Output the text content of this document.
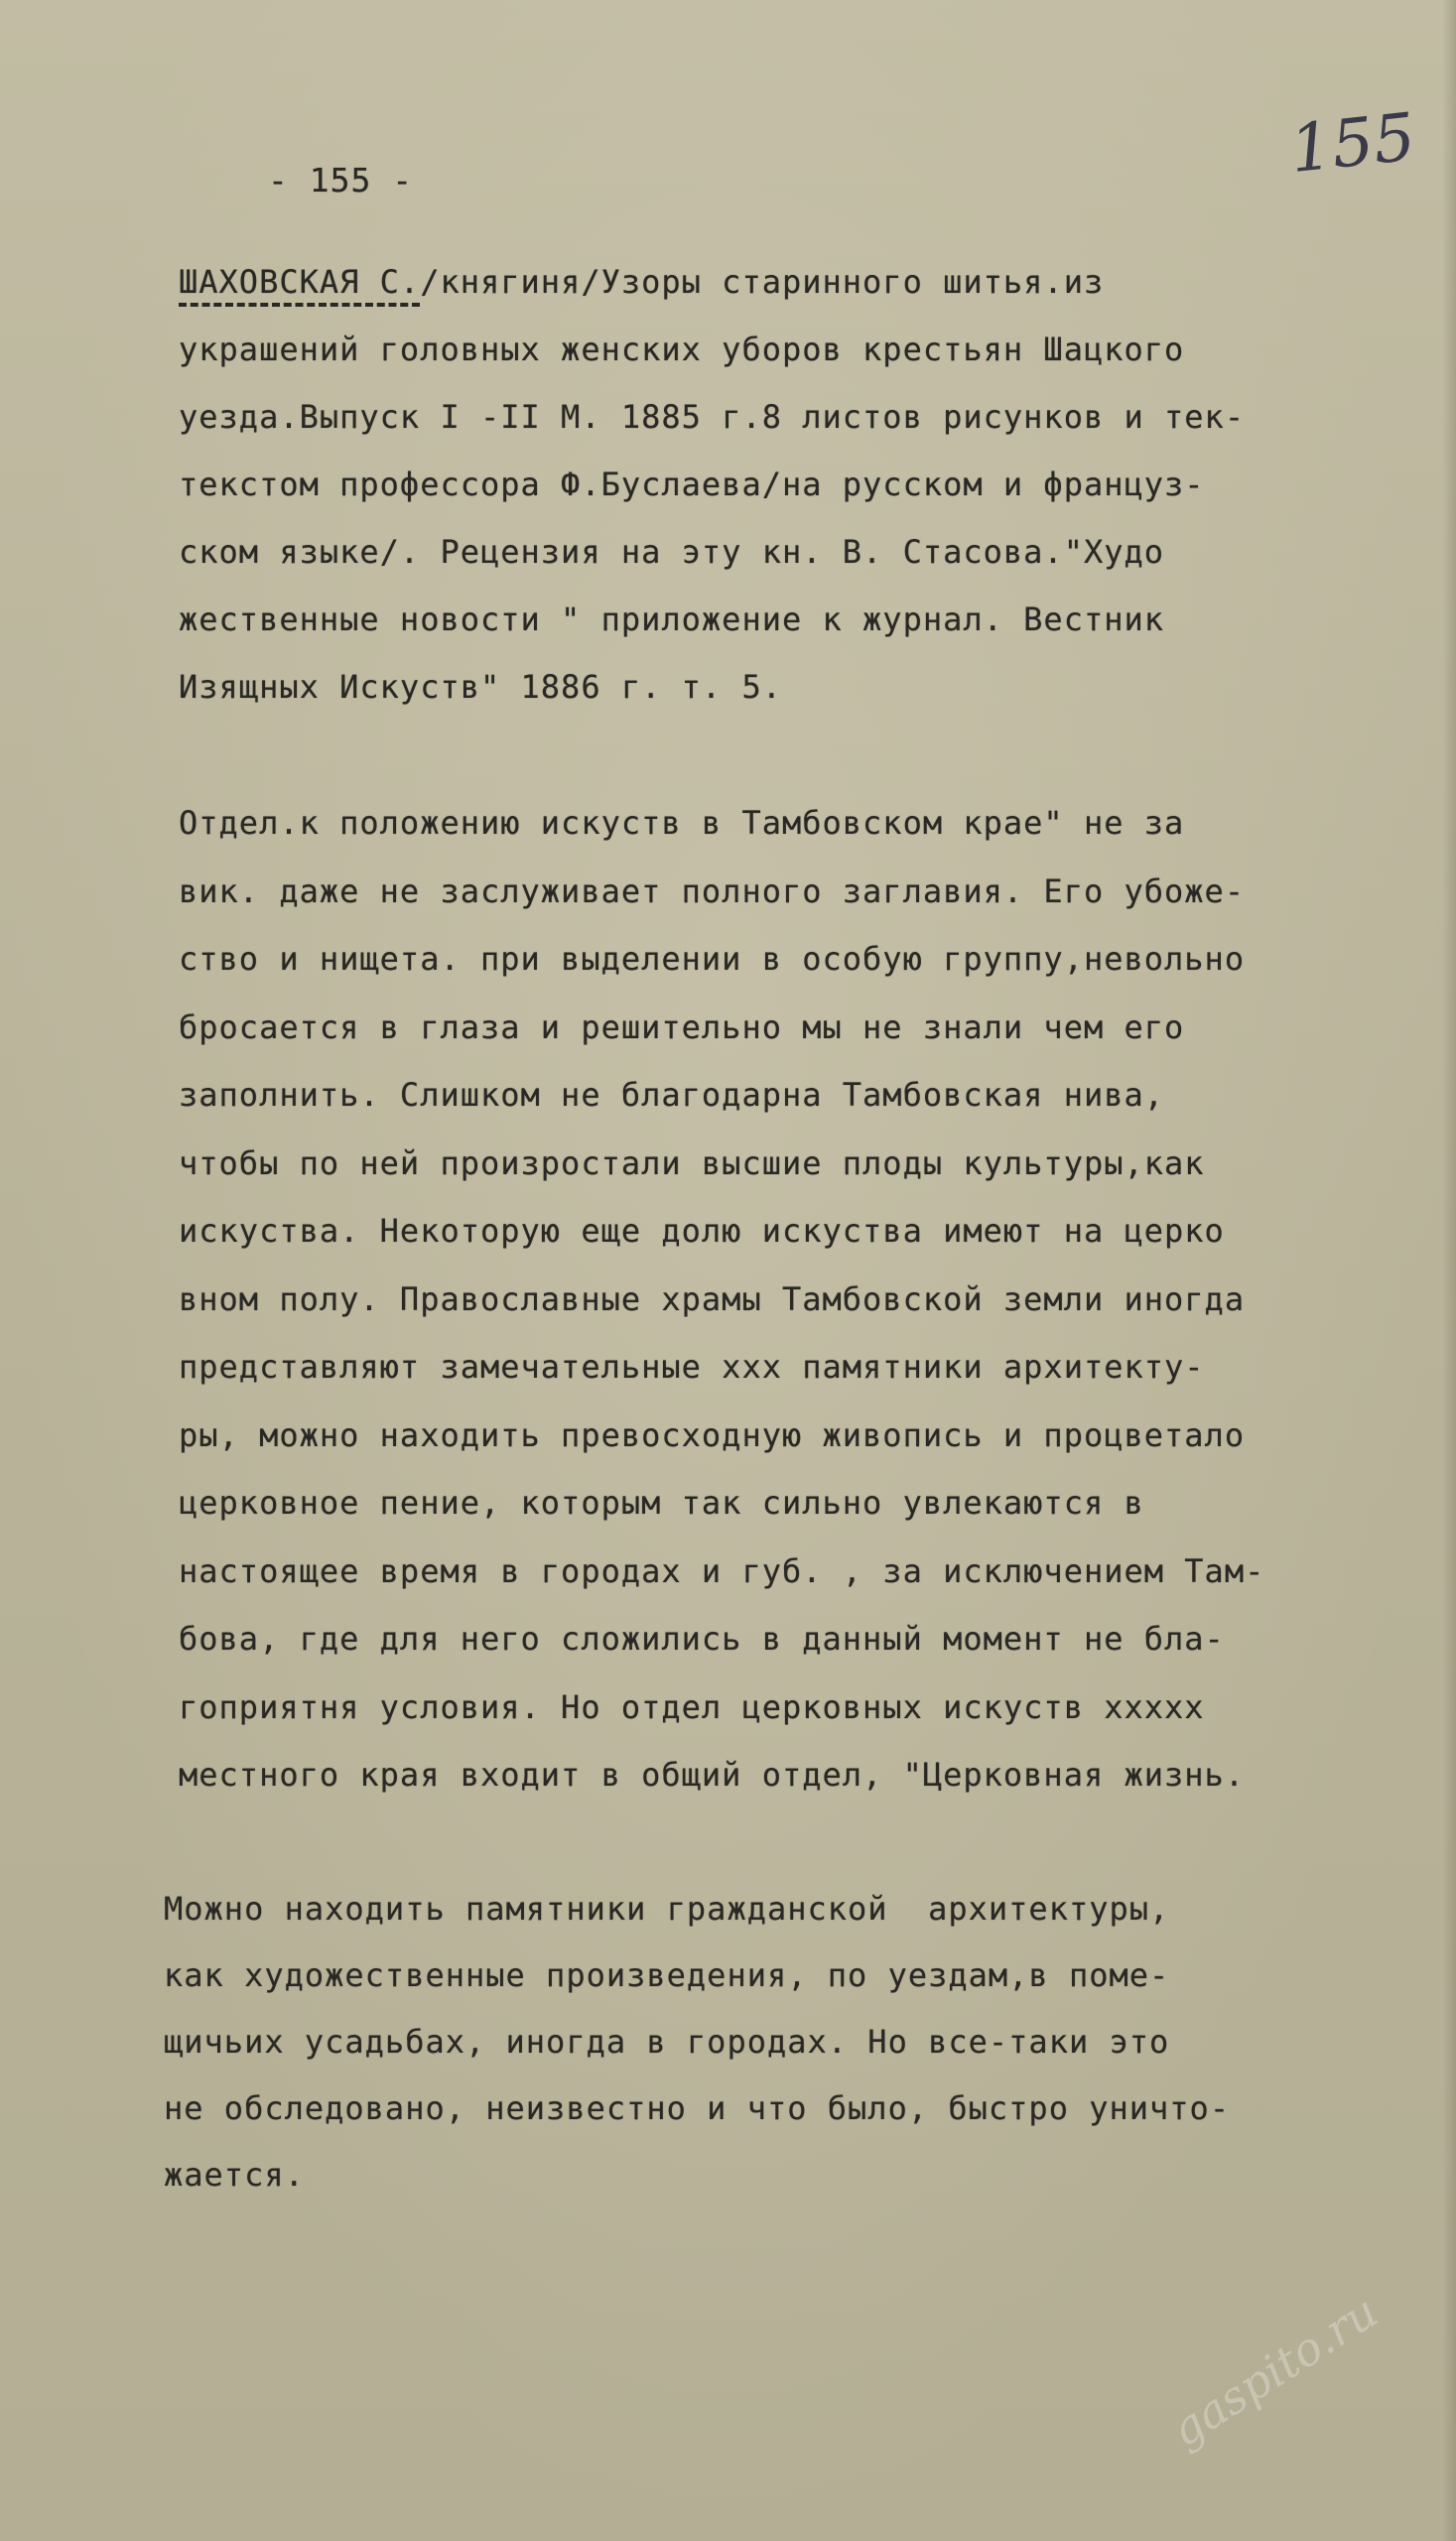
155

- 155 -

ШАХОВСКАЯ С./княгиня/Узоры старинного шитья.из
украшений головных женских уборов крестьян Шацкого
уезда.Выпуск I -II М. 1885 г.8 листов рисунков и тек-
текстом профессора Ф.Буслаева/на русском и француз-
ском языке/. Рецензия на эту кн. В. Стасова."Худо
жественные новости " приложение к журнал. Вестник
Изящных Искуств" 1886 г. т. 5.
Отдел.к положению искуств в Тамбовском крае" не за
вик. даже не заслуживает полного заглавия. Его убоже-
ство и нищета. при выделении в особую группу,невольно
бросается в глаза и решительно мы не знали чем его
заполнить. Слишком не благодарна Тамбовская нива,
чтобы по ней произростали высшие плоды культуры,как
искуства. Некоторую еще долю искуства имеют на церко
вном полу. Православные храмы Тамбовской земли иногда
представляют замечательные ххх памятники архитекту-
ры, можно находить превосходную живопись и процветало
церковное пение, которым так сильно увлекаются в
настоящее время в городах и губ. , за исключением Там-
бова, где для него сложились в данный момент не бла-
гоприятня условия. Но отдел церковных искуств ххххх
местного края входит в общий отдел, "Церковная жизнь.
Можно находить памятники гражданской  архитектуры,
как художественные произведения, по уездам,в поме-
щичьих усадьбах, иногда в городах. Но все-таки это
не обследовано, неизвестно и что было, быстро уничто-
жается.

gaspito.ru
